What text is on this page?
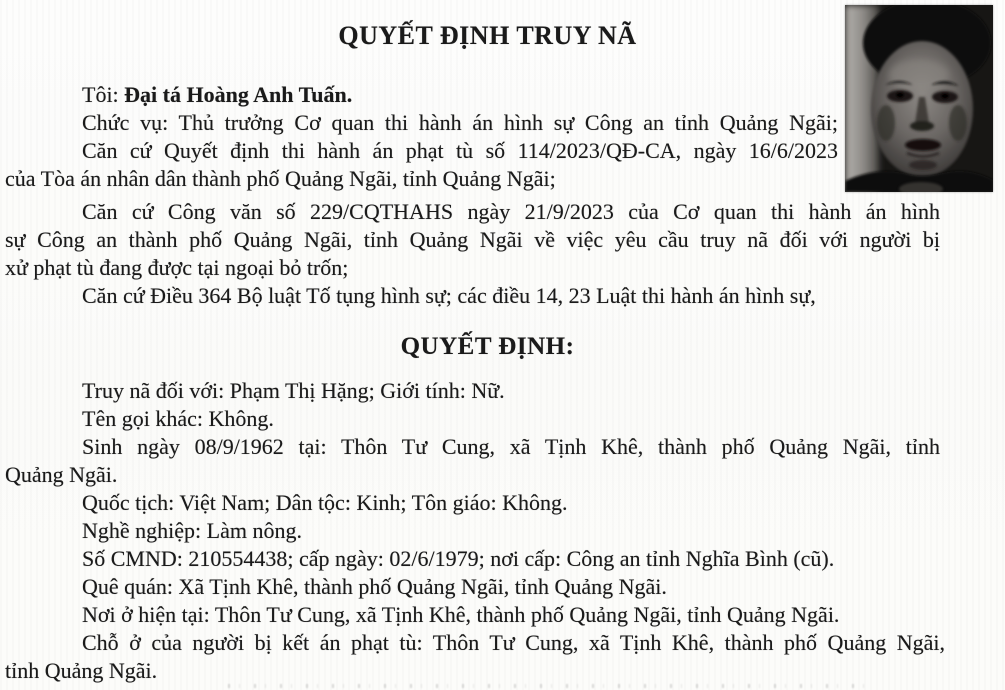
QUYẾT ĐỊNH TRUY NÃ
Tôi: Đại tá Hoàng Anh Tuấn.
Chức vụ: Thủ trưởng Cơ quan thi hành án hình sự Công an tỉnh Quảng Ngãi;
Căn cứ Quyết định thi hành án phạt tù số 114/2023/QĐ-CA, ngày 16/6/2023
của Tòa án nhân dân thành phố Quảng Ngãi, tỉnh Quảng Ngãi;
Căn cứ Công văn số 229/CQTHAHS ngày 21/9/2023 của Cơ quan thi hành án hình
sự Công an thành phố Quảng Ngãi, tỉnh Quảng Ngãi về việc yêu cầu truy nã đối với người bị
xử phạt tù đang được tại ngoại bỏ trốn;
Căn cứ Điều 364 Bộ luật Tố tụng hình sự; các điều 14, 23 Luật thi hành án hình sự,
QUYẾT ĐỊNH:
Truy nã đối với: Phạm Thị Hặng; Giới tính: Nữ.
Tên gọi khác: Không.
Sinh ngày 08/9/1962 tại: Thôn Tư Cung, xã Tịnh Khê, thành phố Quảng Ngãi, tỉnh
Quảng Ngãi.
Quốc tịch: Việt Nam; Dân tộc: Kinh; Tôn giáo: Không.
Nghề nghiệp: Làm nông.
Số CMND: 210554438; cấp ngày: 02/6/1979; nơi cấp: Công an tỉnh Nghĩa Bình (cũ).
Quê quán: Xã Tịnh Khê, thành phố Quảng Ngãi, tỉnh Quảng Ngãi.
Nơi ở hiện tại: Thôn Tư Cung, xã Tịnh Khê, thành phố Quảng Ngãi, tỉnh Quảng Ngãi.
Chỗ ở của người bị kết án phạt tù: Thôn Tư Cung, xã Tịnh Khê, thành phố Quảng Ngãi,
tỉnh Quảng Ngãi.
